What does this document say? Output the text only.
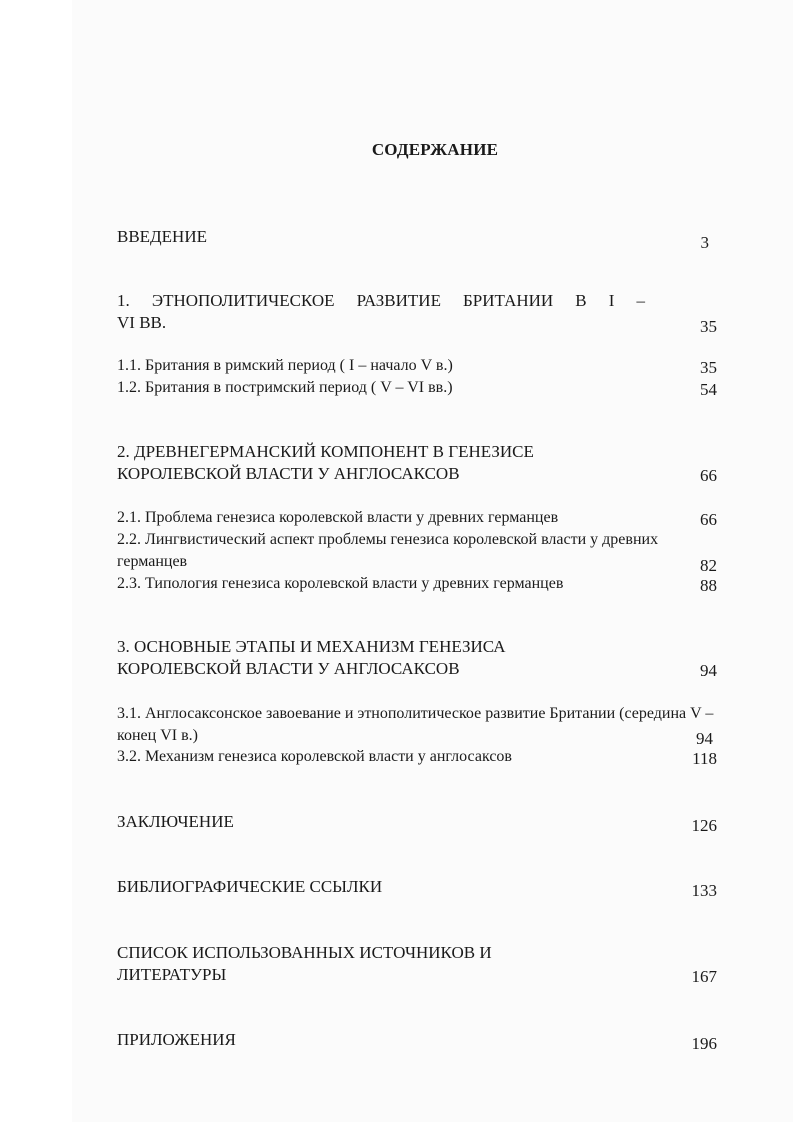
СОДЕРЖАНИЕ
ВВЕДЕНИЕ	3
1. ЭТНОПОЛИТИЧЕСКОЕ РАЗВИТИЕ БРИТАНИИ В I –
VI ВВ.	35
1.1. Британия в римский период ( I – начало V в.)	35
1.2. Британия в постримский период ( V – VI вв.)	54
2. ДРЕВНЕГЕРМАНСКИЙ КОМПОНЕНТ В ГЕНЕЗИСЕ
КОРОЛЕВСКОЙ ВЛАСТИ У АНГЛОСАКСОВ	66
2.1. Проблема генезиса королевской власти у древних германцев	66
2.2. Лингвистический аспект проблемы генезиса королевской власти у древних германцев	82
2.3. Типология генезиса королевской власти у древних германцев	88
3. ОСНОВНЫЕ ЭТАПЫ И МЕХАНИЗМ ГЕНЕЗИСА
КОРОЛЕВСКОЙ ВЛАСТИ У АНГЛОСАКСОВ	94
3.1. Англосаксонское завоевание и этнополитическое развитие Британии (середина V – конец VI в.)	94
3.2. Механизм генезиса королевской власти у англосаксов	118
ЗАКЛЮЧЕНИЕ	126
БИБЛИОГРАФИЧЕСКИЕ ССЫЛКИ	133
СПИСОК ИСПОЛЬЗОВАННЫХ ИСТОЧНИКОВ И
ЛИТЕРАТУРЫ	167
ПРИЛОЖЕНИЯ	196
